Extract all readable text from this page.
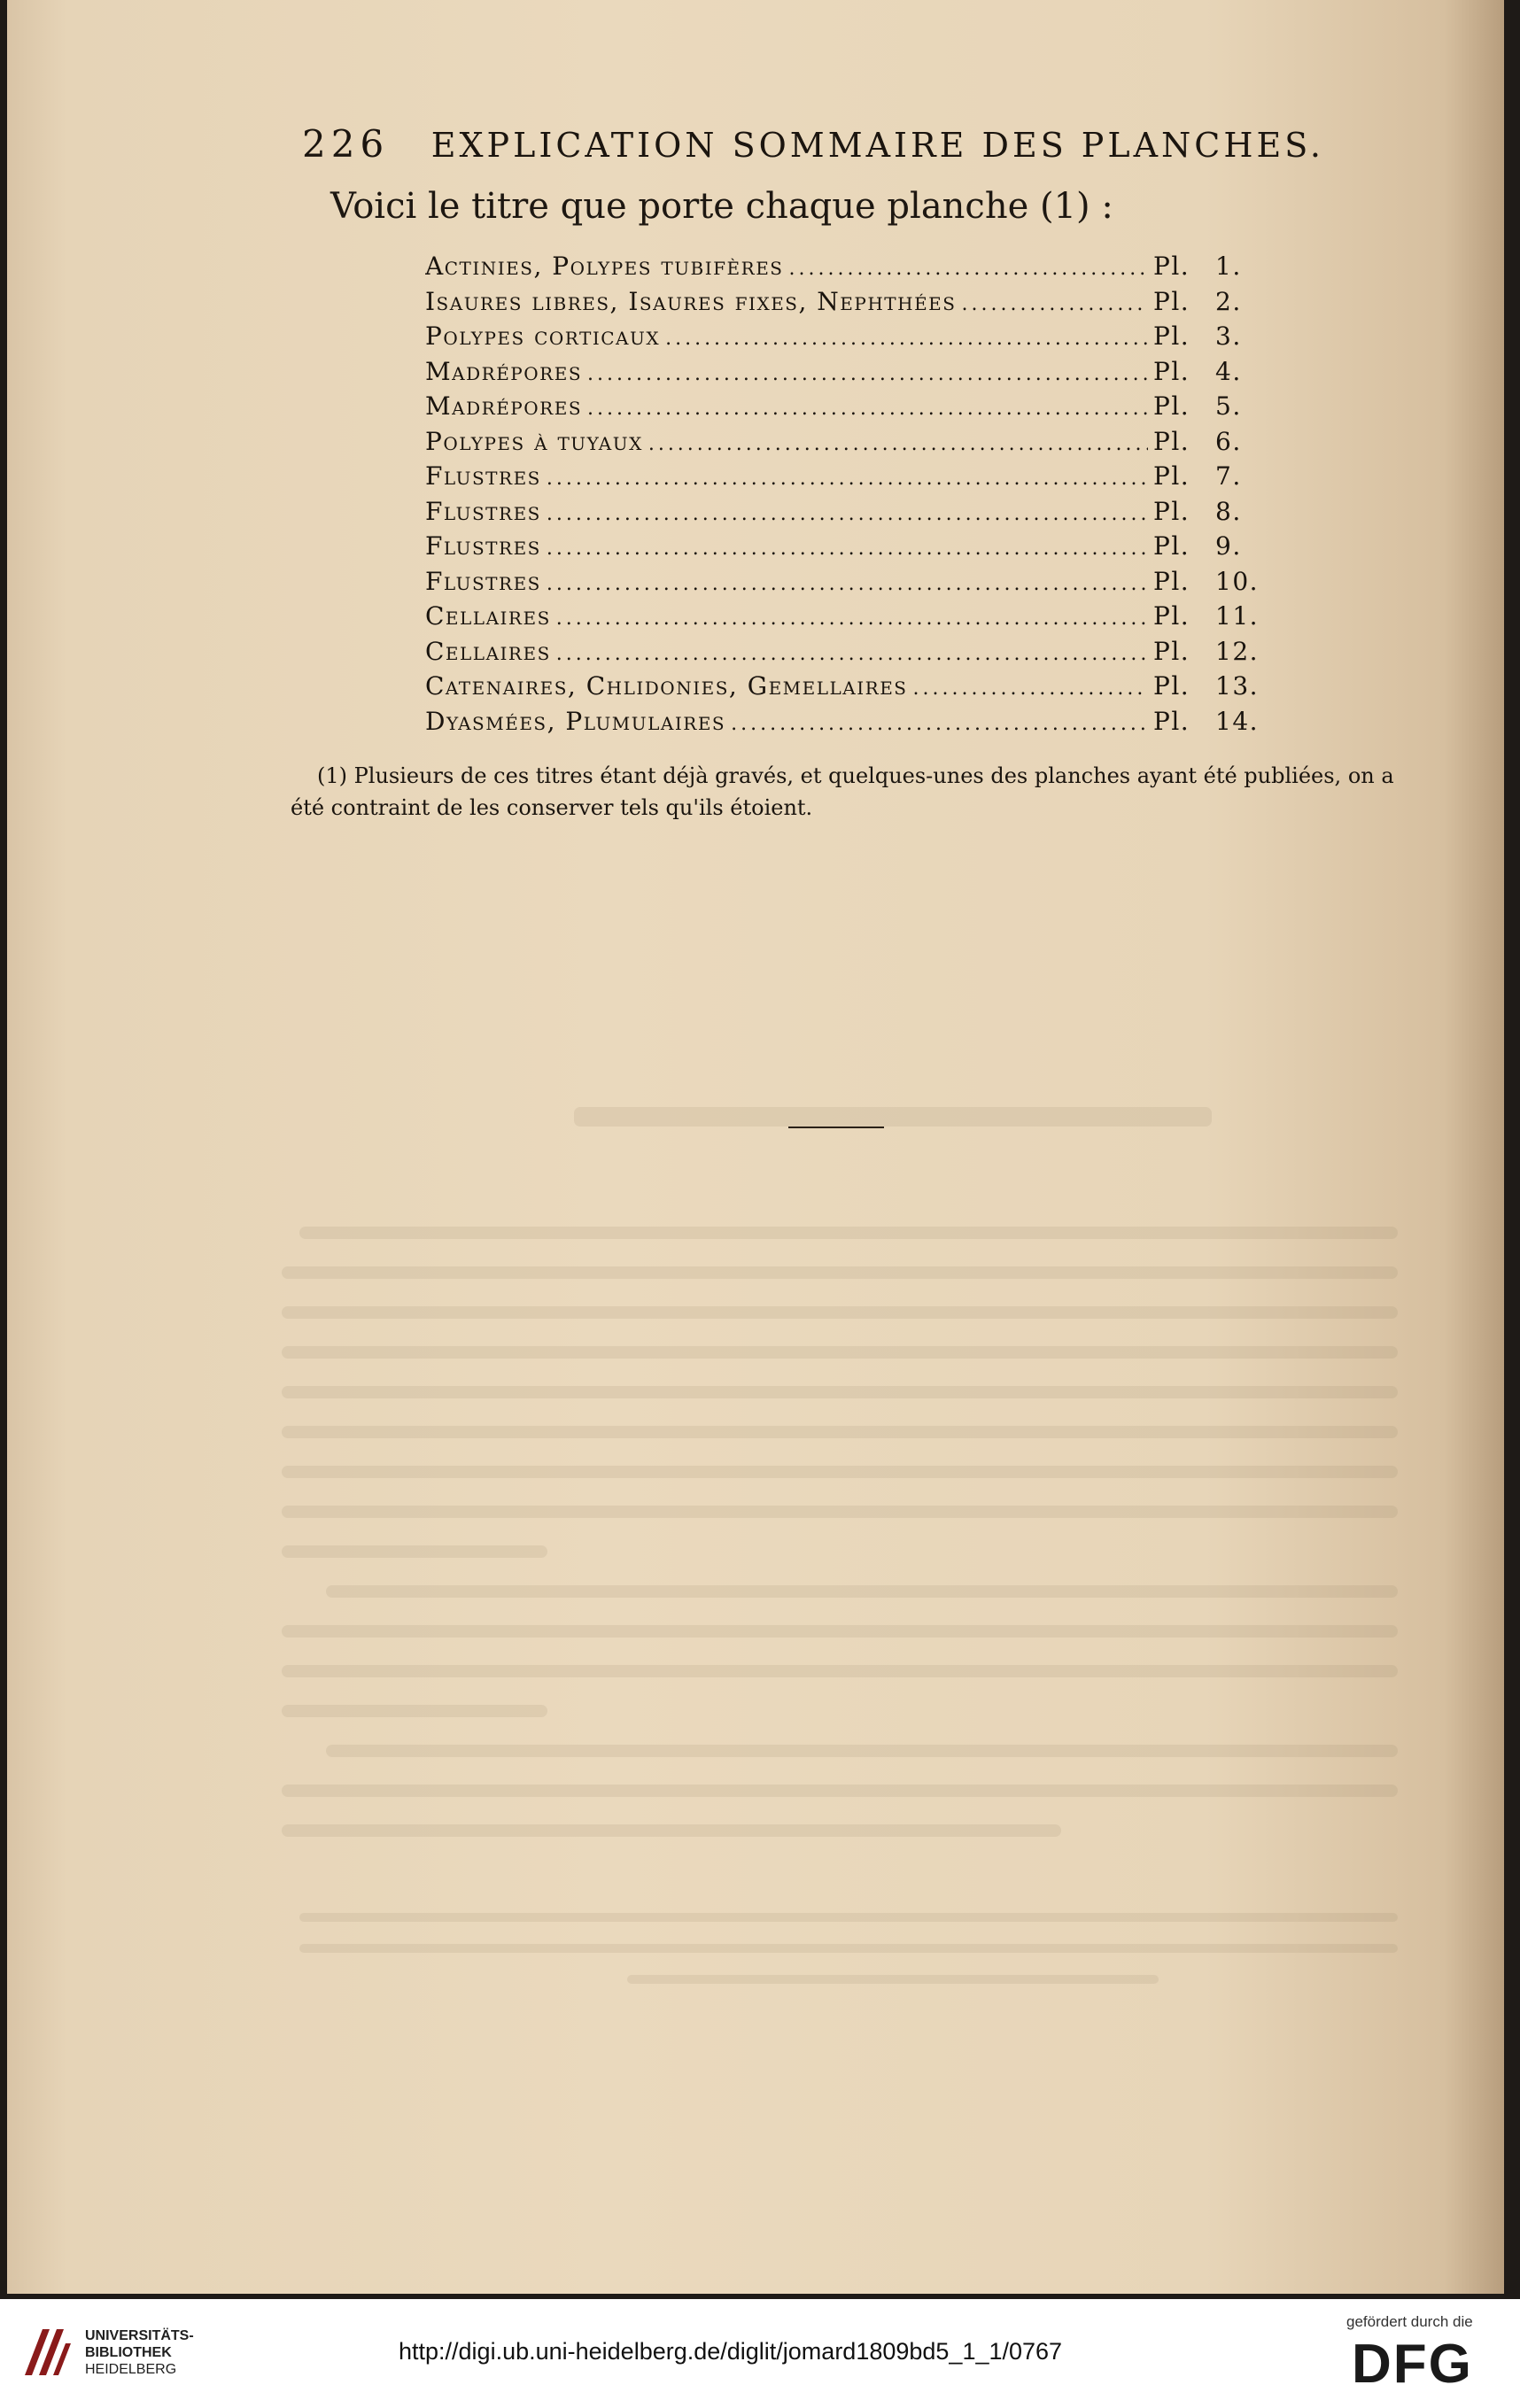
226 EXPLICATION SOMMAIRE DES PLANCHES.
Voici le titre que porte chaque planche (1) :
Actinies, Polypes tubifères .....	Pl.	1.
Isaures libres, Isaures fixes, Nephthées .....	Pl.	2.
Polypes corticaux .....	Pl.	3.
Madrépores .....	Pl.	4.
Madrépores .....	Pl.	5.
Polypes à tuyaux .....	Pl.	6.
Flustres .....	Pl.	7.
Flustres .....	Pl.	8.
Flustres .....	Pl.	9.
Flustres .....	Pl.	10.
Cellaires .....	Pl.	11.
Cellaires .....	Pl.	12.
Catenaires, Chlidonies, Gemellaires .....	Pl.	13.
Dyasmées, Plumulaires .....	Pl.	14.
(1) Plusieurs de ces titres étant déjà gravés, et quelques-unes des planches ayant été publiées, on a été contraint de les conserver tels qu'ils étoient.
UNIVERSITÄTS-
BIBLIOTHEK
HEIDELBERG
http://digi.ub.uni-heidelberg.de/diglit/jomard1809bd5_1_1/0767
gefördert durch die
DFG
